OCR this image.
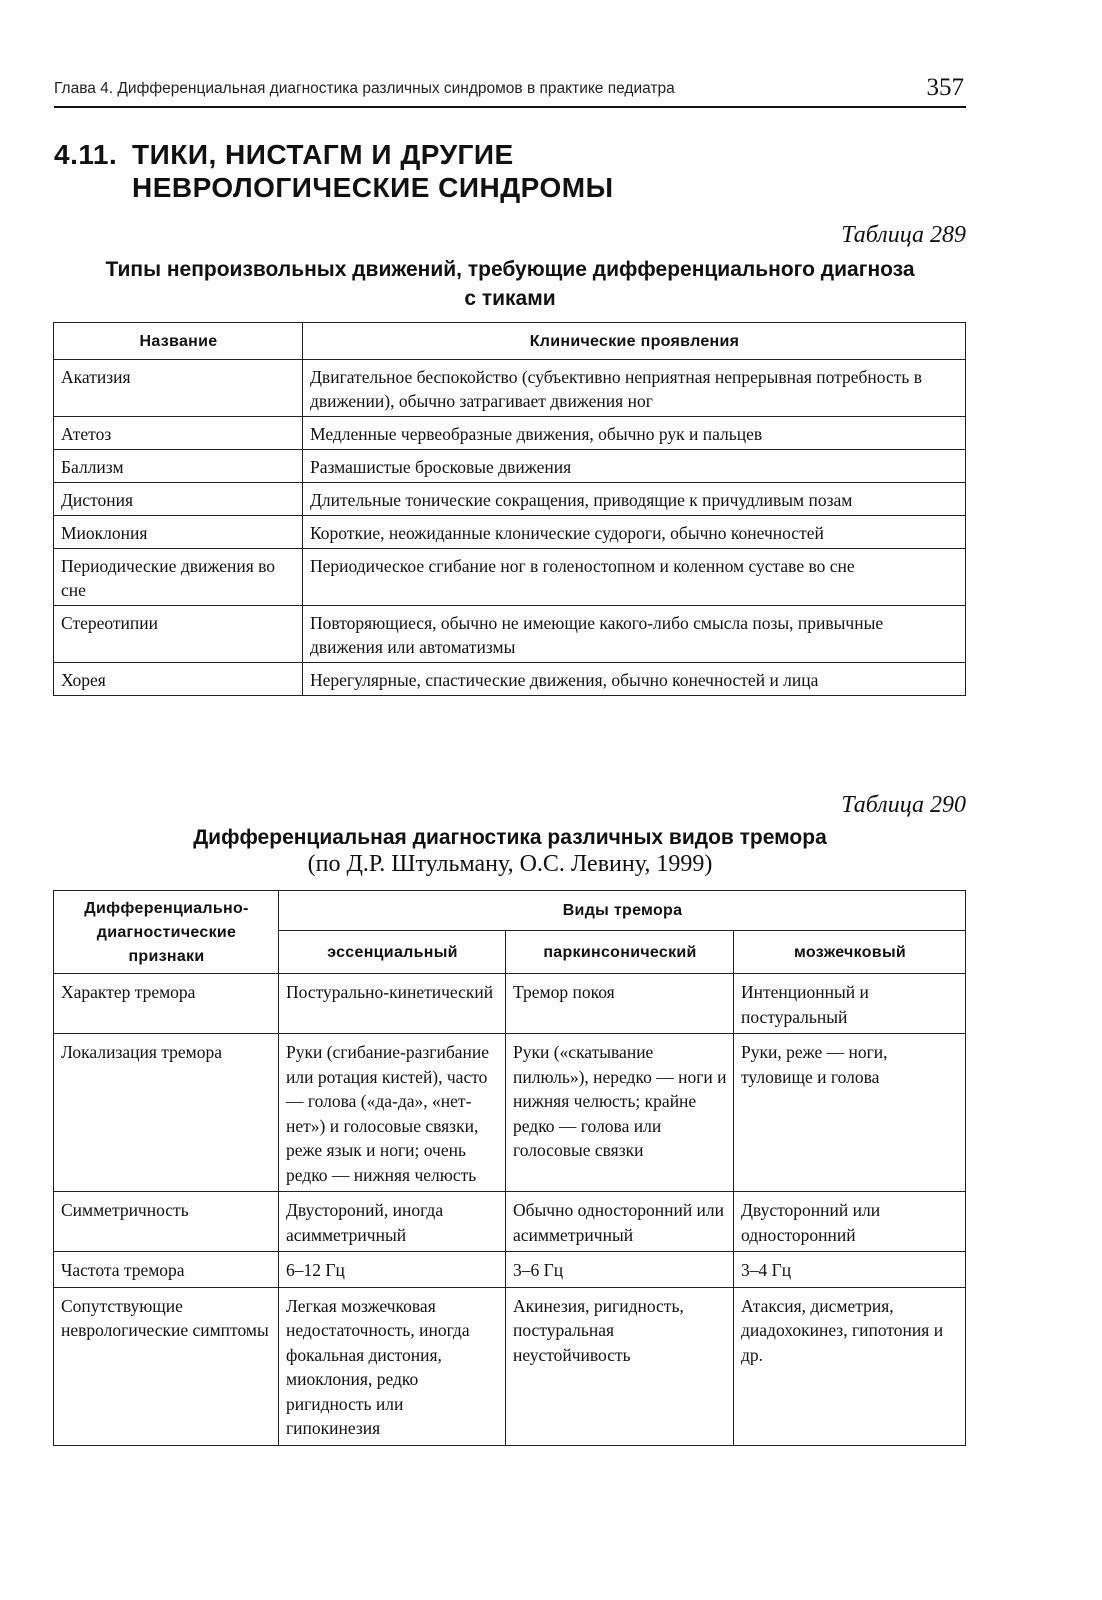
Глава 4. Дифференциальная диагностика различных синдромов в практике педиатра	357
4.11. ТИКИ, НИСТАГМ И ДРУГИЕ
НЕВРОЛОГИЧЕСКИЕ СИНДРОМЫ
Таблица 289
Типы непроизвольных движений, требующие дифференциального диагноза
с тиками
Название	Клинические проявления
Акатизия	Двигательное беспокойство (субъективно неприятная непрерывная потребность в движении), обычно затрагивает движения ног
Атетоз	Медленные червеобразные движения, обычно рук и пальцев
Баллизм	Размашистые бросковые движения
Дистония	Длительные тонические сокращения, приводящие к причудливым позам
Миоклония	Короткие, неожиданные клонические судороги, обычно конечностей
Периодические движения во сне	Периодическое сгибание ног в голеностопном и коленном суставе во сне
Стереотипии	Повторяющиеся, обычно не имеющие какого-либо смысла позы, привычные движения или автоматизмы
Хорея	Нерегулярные, спастические движения, обычно конечностей и лица
Таблица 290
Дифференциальная диагностика различных видов тремора
(по Д.Р. Штульману, О.С. Левину, 1999)
Дифференциально-диагностические признаки	Виды тремора		
	эссенциальный	паркинсонический	мозжечковый
Характер тремора	Постурально-кинетический	Тремор покоя	Интенционный и постуральный
Локализация тремора	Руки (сгибание-разгибание или ротация кистей), часто — голова («да-да», «нет-нет») и голосовые связки, реже язык и ноги; очень редко — нижняя челюсть	Руки («скатывание пилюль»), нередко — ноги и нижняя челюсть; крайне редко — голова или голосовые связки	Руки, реже — ноги, туловище и голова
Симметричность	Двустороний, иногда асимметричный	Обычно односторонний или асимметричный	Двусторонний или односторонний
Частота тремора	6–12 Гц	3–6 Гц	3–4 Гц
Сопутствующие неврологические симптомы	Легкая мозжечковая недостаточность, иногда фокальная дистония, миоклония, редко ригидность или гипокинезия	Акинезия, ригидность, постуральная неустойчивость	Атаксия, дисметрия, диадохокинез, гипотония и др.
